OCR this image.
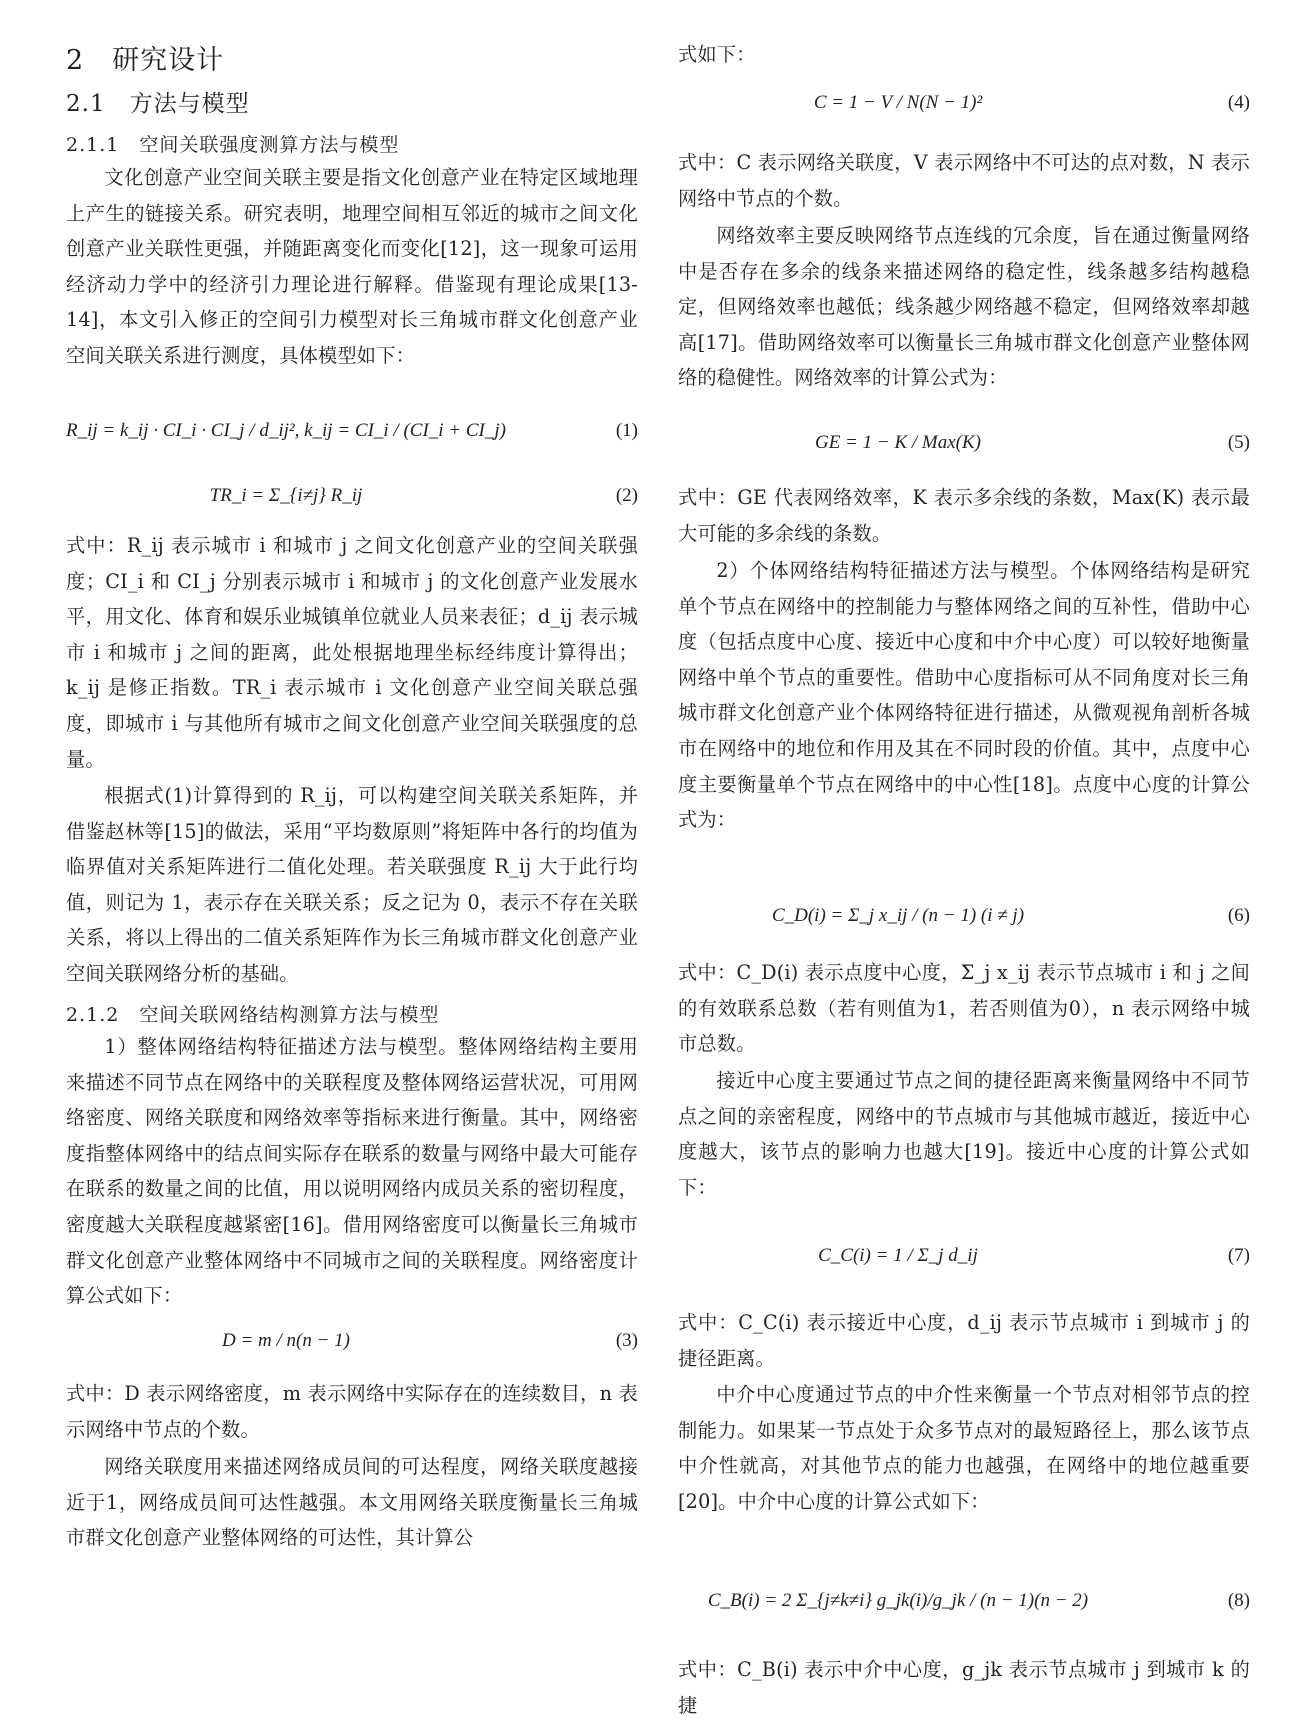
2　研究设计
2.1　方法与模型
2.1.1　空间关联强度测算方法与模型
文化创意产业空间关联主要是指文化创意产业在特定区域地理上产生的链接关系。研究表明，地理空间相互邻近的城市之间文化创意产业关联性更强，并随距离变化而变化[12]，这一现象可运用经济动力学中的经济引力理论进行解释。借鉴现有理论成果[13-14]，本文引入修正的空间引力模型对长三角城市群文化创意产业空间关联关系进行测度，具体模型如下：
R_ij = k_ij · CI_i · CI_j / d_ij², k_ij = CI_i / (CI_i + CI_j)	(1)
TR_i = Σ_{i≠j} R_ij	(2)
式中：R_ij 表示城市 i 和城市 j 之间文化创意产业的空间关联强度；CI_i 和 CI_j 分别表示城市 i 和城市 j 的文化创意产业发展水平，用文化、体育和娱乐业城镇单位就业人员来表征；d_ij 表示城市 i 和城市 j 之间的距离，此处根据地理坐标经纬度计算得出；k_ij 是修正指数。TR_i 表示城市 i 文化创意产业空间关联总强度，即城市 i 与其他所有城市之间文化创意产业空间关联强度的总量。
根据式(1)计算得到的 R_ij，可以构建空间关联关系矩阵，并借鉴赵林等[15]的做法，采用“平均数原则”将矩阵中各行的均值为临界值对关系矩阵进行二值化处理。若关联强度 R_ij 大于此行均值，则记为 1，表示存在关联关系；反之记为 0，表示不存在关联关系，将以上得出的二值关系矩阵作为长三角城市群文化创意产业空间关联网络分析的基础。
2.1.2　空间关联网络结构测算方法与模型
1）整体网络结构特征描述方法与模型。整体网络结构主要用来描述不同节点在网络中的关联程度及整体网络运营状况，可用网络密度、网络关联度和网络效率等指标来进行衡量。其中，网络密度指整体网络中的结点间实际存在联系的数量与网络中最大可能存在联系的数量之间的比值，用以说明网络内成员关系的密切程度，密度越大关联程度越紧密[16]。借用网络密度可以衡量长三角城市群文化创意产业整体网络中不同城市之间的关联程度。网络密度计算公式如下：
D = m / n(n − 1)	(3)
式中：D 表示网络密度，m 表示网络中实际存在的连续数目，n 表示网络中节点的个数。
网络关联度用来描述网络成员间的可达程度，网络关联度越接近于1，网络成员间可达性越强。本文用网络关联度衡量长三角城市群文化创意产业整体网络的可达性，其计算公
式如下：
C = 1 − V / N(N − 1)²	(4)
式中：C 表示网络关联度，V 表示网络中不可达的点对数，N 表示网络中节点的个数。
网络效率主要反映网络节点连线的冗余度，旨在通过衡量网络中是否存在多余的线条来描述网络的稳定性，线条越多结构越稳定，但网络效率也越低；线条越少网络越不稳定，但网络效率却越高[17]。借助网络效率可以衡量长三角城市群文化创意产业整体网络的稳健性。网络效率的计算公式为：
GE = 1 − K / Max(K)	(5)
式中：GE 代表网络效率，K 表示多余线的条数，Max(K) 表示最大可能的多余线的条数。
2）个体网络结构特征描述方法与模型。个体网络结构是研究单个节点在网络中的控制能力与整体网络之间的互补性，借助中心度（包括点度中心度、接近中心度和中介中心度）可以较好地衡量网络中单个节点的重要性。借助中心度指标可从不同角度对长三角城市群文化创意产业个体网络特征进行描述，从微观视角剖析各城市在网络中的地位和作用及其在不同时段的价值。其中，点度中心度主要衡量单个节点在网络中的中心性[18]。点度中心度的计算公式为：
C_D(i) = Σ_j x_ij / (n − 1) (i ≠ j)	(6)
式中：C_D(i) 表示点度中心度，Σ_j x_ij 表示节点城市 i 和 j 之间的有效联系总数（若有则值为1，若否则值为0），n 表示网络中城市总数。
接近中心度主要通过节点之间的捷径距离来衡量网络中不同节点之间的亲密程度，网络中的节点城市与其他城市越近，接近中心度越大，该节点的影响力也越大[19]。接近中心度的计算公式如下：
C_C(i) = 1 / Σ_j d_ij	(7)
式中：C_C(i) 表示接近中心度，d_ij 表示节点城市 i 到城市 j 的捷径距离。
中介中心度通过节点的中介性来衡量一个节点对相邻节点的控制能力。如果某一节点处于众多节点对的最短路径上，那么该节点中介性就高，对其他节点的能力也越强，在网络中的地位越重要[20]。中介中心度的计算公式如下：
C_B(i) = 2 Σ_{j≠k≠i} g_jk(i)/g_jk / (n − 1)(n − 2)	(8)
式中：C_B(i) 表示中介中心度，g_jk 表示节点城市 j 到城市 k 的捷
